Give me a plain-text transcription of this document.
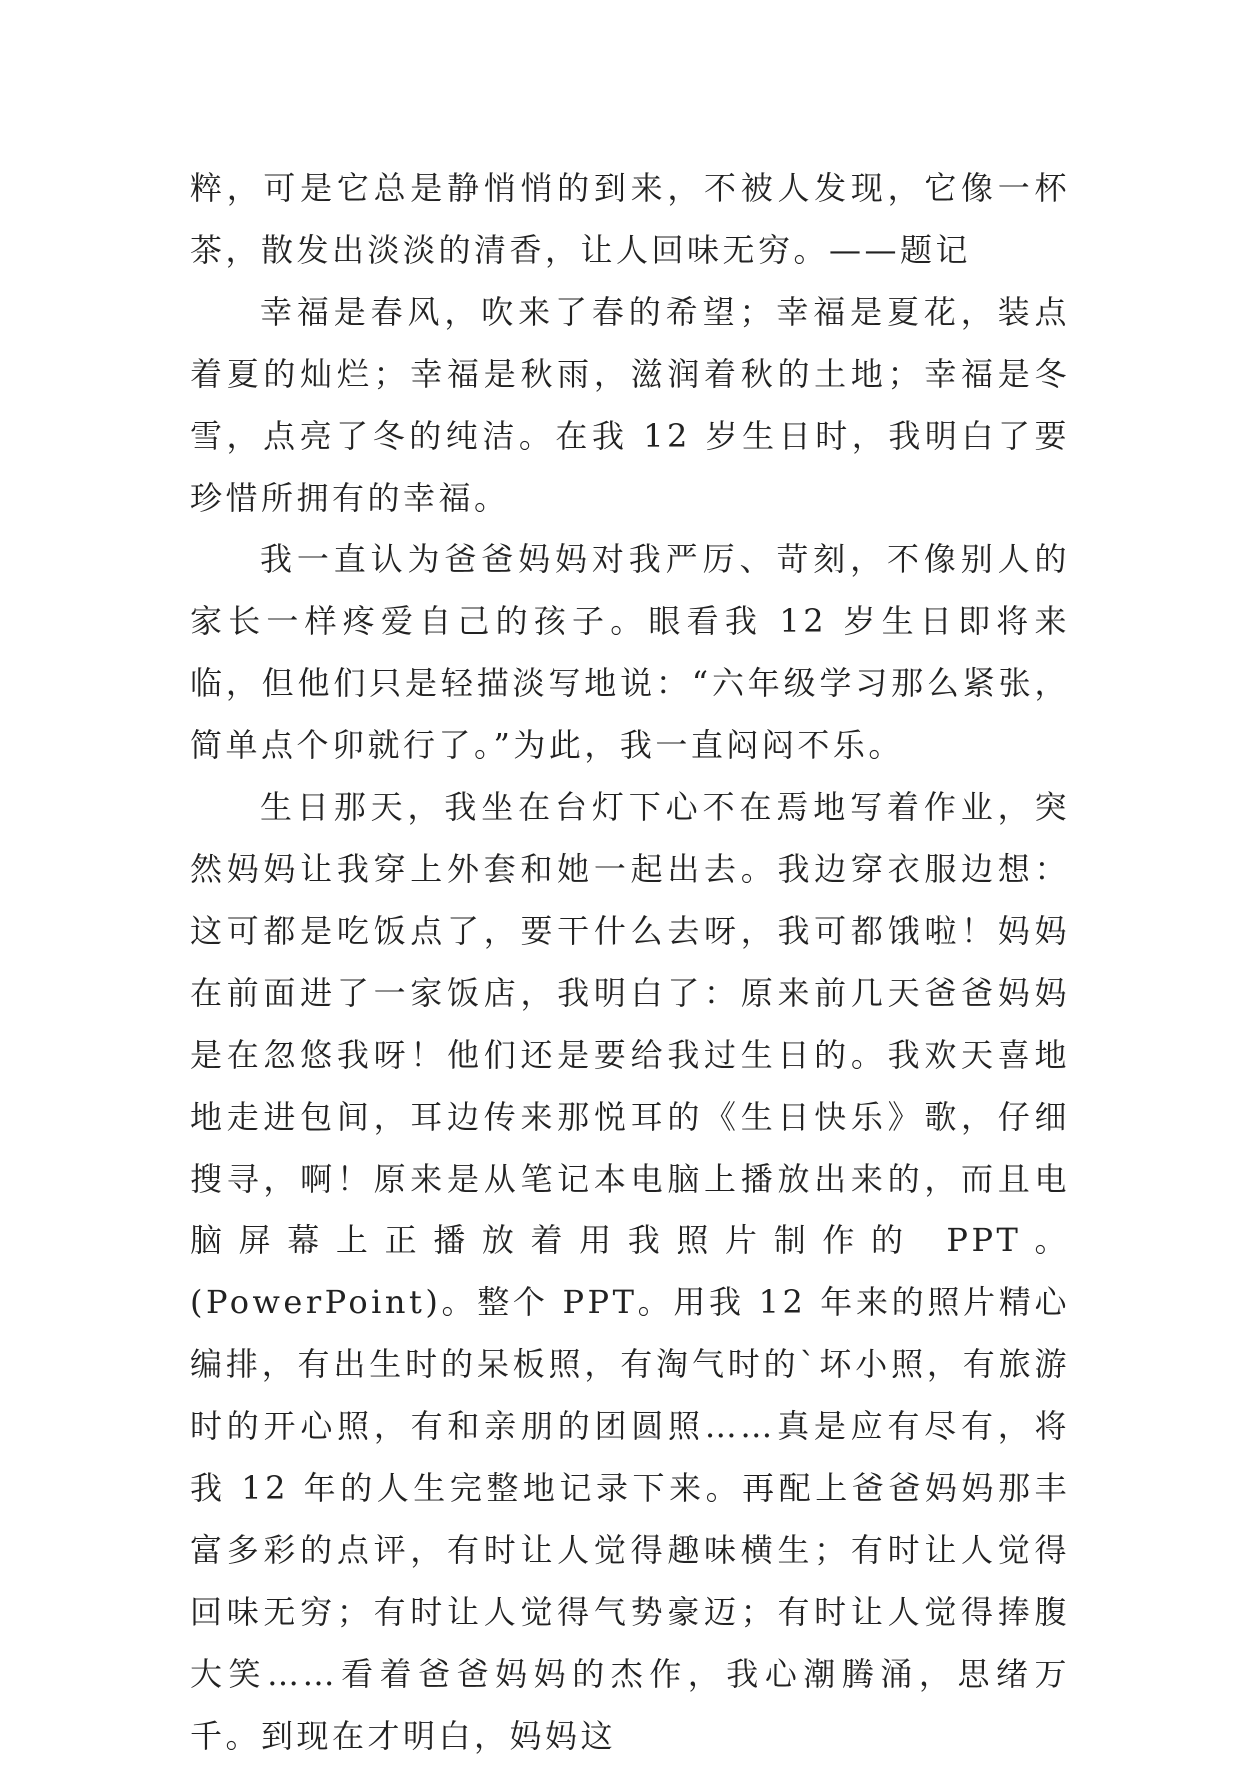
粹，可是它总是静悄悄的到来，不被人发现，它像一杯茶，散发出淡淡的清香，让人回味无穷。——题记

幸福是春风，吹来了春的希望；幸福是夏花，装点着夏的灿烂；幸福是秋雨，滋润着秋的土地；幸福是冬雪，点亮了冬的纯洁。在我 12 岁生日时，我明白了要珍惜所拥有的幸福。

我一直认为爸爸妈妈对我严厉、苛刻，不像别人的家长一样疼爱自己的孩子。眼看我 12 岁生日即将来临，但他们只是轻描淡写地说：“六年级学习那么紧张，简单点个卯就行了。”为此，我一直闷闷不乐。

生日那天，我坐在台灯下心不在焉地写着作业，突然妈妈让我穿上外套和她一起出去。我边穿衣服边想：这可都是吃饭点了，要干什么去呀，我可都饿啦！妈妈在前面进了一家饭店，我明白了：原来前几天爸爸妈妈是在忽悠我呀！他们还是要给我过生日的。我欢天喜地地走进包间，耳边传来那悦耳的《生日快乐》歌，仔细搜寻，啊！原来是从笔记本电脑上播放出来的，而且电脑屏幕上正播放着用我照片制作的 PPT。(PowerPoint)。整个 PPT。用我 12 年来的照片精心编排，有出生时的呆板照，有淘气时的`坏小照，有旅游时的开心照，有和亲朋的团圆照……真是应有尽有，将我 12 年的人生完整地记录下来。再配上爸爸妈妈那丰富多彩的点评，有时让人觉得趣味横生；有时让人觉得回味无穷；有时让人觉得气势豪迈；有时让人觉得捧腹大笑……看着爸爸妈妈的杰作，我心潮腾涌，思绪万千。到现在才明白，妈妈这
